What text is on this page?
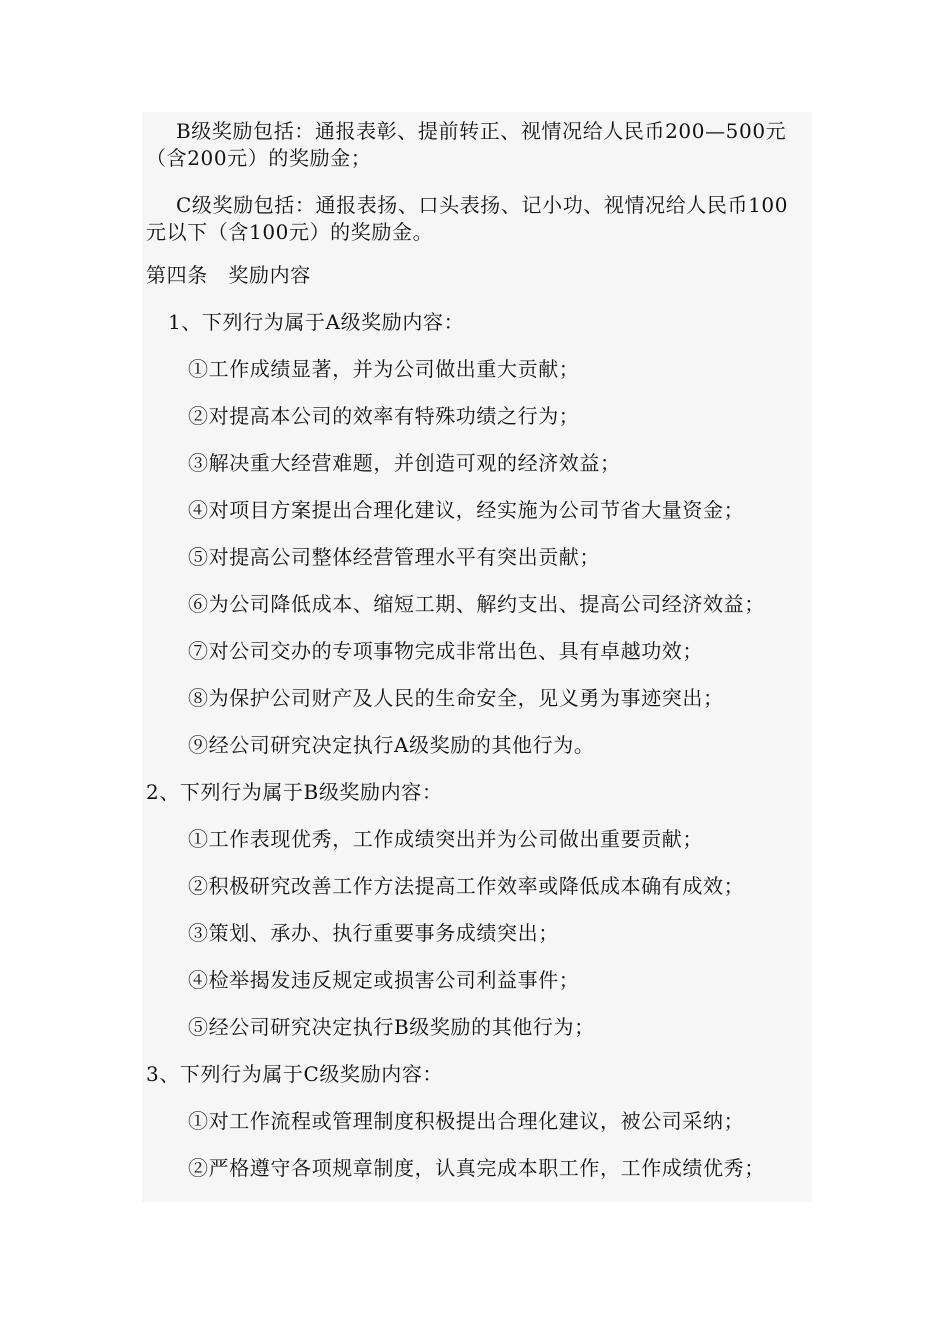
B级奖励包括：通报表彰、提前转正、视情况给人民币200—500元（含200元）的奖励金；

C级奖励包括：通报表扬、口头表扬、记小功、视情况给人民币100元以下（含100元）的奖励金。

第四条　奖励内容

1、下列行为属于A级奖励内容：

①工作成绩显著，并为公司做出重大贡献；

②对提高本公司的效率有特殊功绩之行为；

③解决重大经营难题，并创造可观的经济效益；

④对项目方案提出合理化建议，经实施为公司节省大量资金；

⑤对提高公司整体经营管理水平有突出贡献；

⑥为公司降低成本、缩短工期、解约支出、提高公司经济效益；

⑦对公司交办的专项事物完成非常出色、具有卓越功效；

⑧为保护公司财产及人民的生命安全，见义勇为事迹突出；

⑨经公司研究决定执行A级奖励的其他行为。

2、下列行为属于B级奖励内容：

①工作表现优秀，工作成绩突出并为公司做出重要贡献；

②积极研究改善工作方法提高工作效率或降低成本确有成效；

③策划、承办、执行重要事务成绩突出；

④检举揭发违反规定或损害公司利益事件；

⑤经公司研究决定执行B级奖励的其他行为；

3、下列行为属于C级奖励内容：

①对工作流程或管理制度积极提出合理化建议，被公司采纳；

②严格遵守各项规章制度，认真完成本职工作，工作成绩优秀；
